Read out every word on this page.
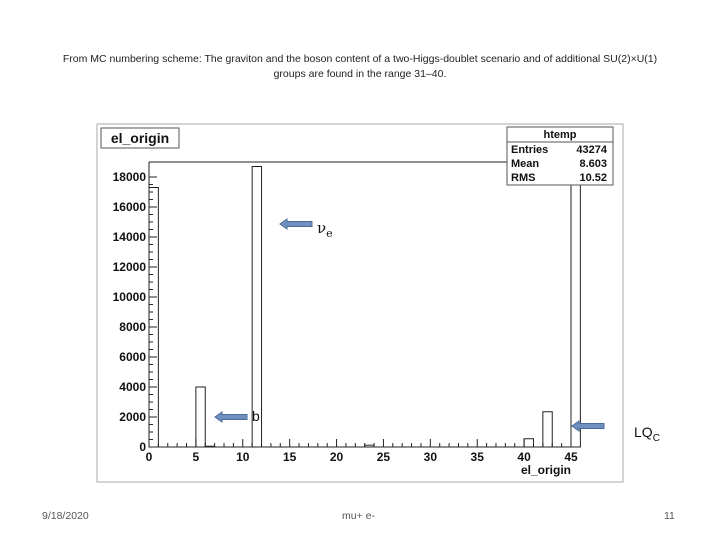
From MC numbering scheme: The graviton and the boson content of a two-Higgs-doublet scenario and of additional SU(2)×U(1)
groups are found in the range 31–40.
el_origin
0	5	10	15	20	25	30	35	40	45
0
2000
4000
6000
8000
10000
12000
14000
16000
18000
el_origin
htemp
Entries	43274
Mean	8.603
RMS	10.52
$\nu_e$
b
$LQ_C$
9/18/2020	mu+ e-	11
